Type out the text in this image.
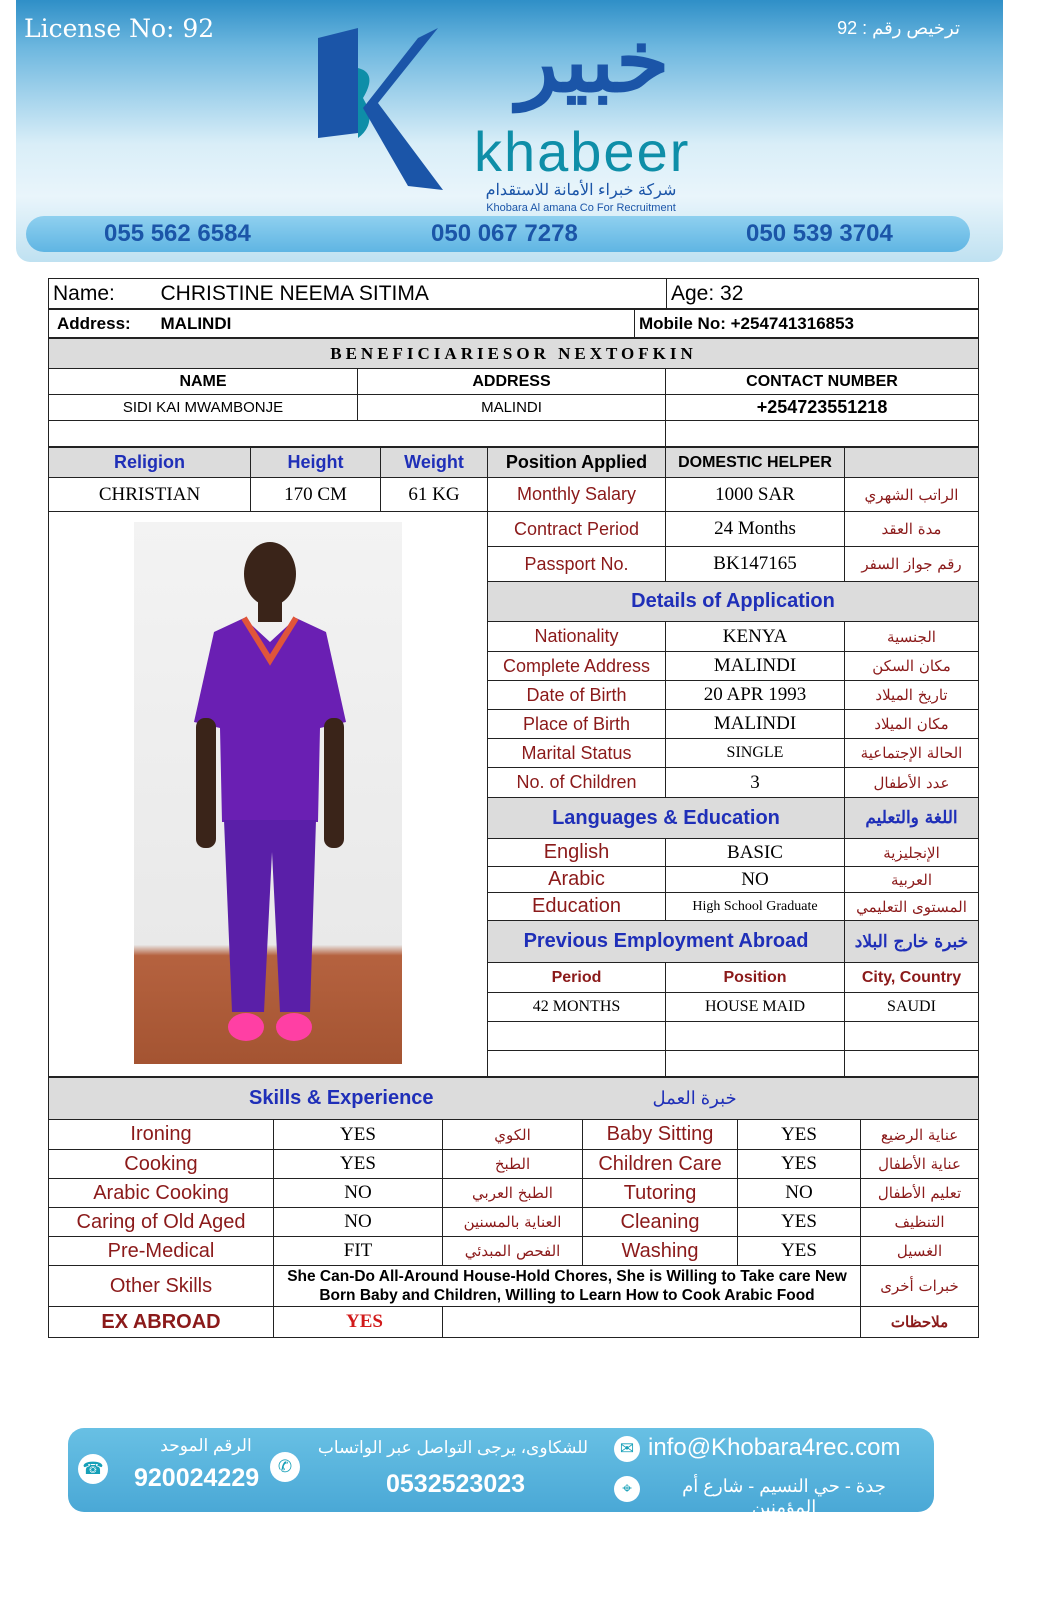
License No: 92	ترخيص رقم : 92
خبير
khabeer
شركة خبراء الأمانة للاستقدام
Khobara Al amana Co For Recruitment
055 562 6584	050 067 7278	050 539 3704
Name:	CHRISTINE NEEMA SITIMA	Age: 32
Address:	MALINDI	Mobile No: +254741316853
BENEFICIARIESOR NEXTOFKIN		
NAME	ADDRESS	CONTACT NUMBER
SIDI KAI MWAMBONJE	MALINDI	+254723551218

Religion	Height	Weight	Position Applied	DOMESTIC HELPER	
CHRISTIAN	170 CM	61 KG	Monthly Salary	1000 SAR	الراتب الشهري

	Contract Period	24 Months	مدة العقد
			Passport No.	BK147165	رقم جواز السفر
			Details of Application		
			Nationality	KENYA	الجنسية
			Complete Address	MALINDI	مكان السكن
			Date of Birth	20 APR 1993	تاريخ الميلاد
			Place of Birth	MALINDI	مكان الميلاد
			Marital Status	SINGLE	الحالة الإجتماعية
			No. of Children	3	عدد الأطفال
			Languages & Education		اللغة والتعليم
			English	BASIC	الإنجليزية
			Arabic	NO	العربية
			Education	High School Graduate	المستوى التعليمي
			Previous Employment Abroad		خبرة خارج البلاد
			Period	Position	City, Country
			42 MONTHS	HOUSE MAID	SAUDI

Skills & Experience			خبرة العمل		
Ironing	YES	الكوي	Baby Sitting	YES	عناية الرضيع
Cooking	YES	الطبخ	Children Care	YES	عناية الأطفال
Arabic Cooking	NO	الطبخ العربي	Tutoring	NO	تعليم الأطفال
Caring of Old Aged	NO	العناية بالمسنين	Cleaning	YES	التنظيف
Pre-Medical	FIT	الفحص المبدئي	Washing	YES	الغسيل
Other Skills	She Can-Do All-Around House-Hold Chores, She is Willing to Take care New Born Baby and Children, Willing to Learn How to Cook Arabic Food				خبرات أخرى
EX ABROAD	YES				ملاحظات
☎
الرقم الموحد
920024229	✆
للشكاوى، يرجى التواصل عبر الواتساب
0532523023
✉ info@Khobara4rec.com
⌖	جدة - حي النسيم - شارع أم المؤمنين
